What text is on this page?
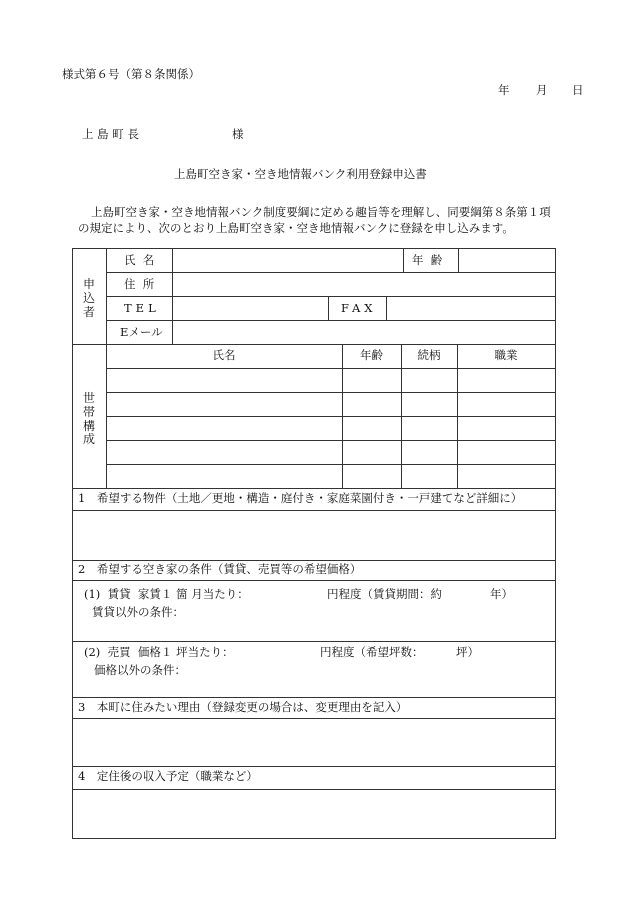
様式第６号（第８条関係）
年 月 日
上 島 町 長	様
上島町空き家・空き地情報バンク利用登録申込書
上島町空き家・空き地情報バンク制度要綱に定める趣旨等を理解し、同要綱第８条第１項
の規定により、次のとおり上島町空き家・空き地情報バンクに登録を申し込みます。
申
込
者
氏  名	年  齢
住  所
TEL	FAX
Eメール
世
帯
構
成
氏名	年齢	続柄	職業
1　希望する物件（土地／更地・構造・庭付き・家庭菜園付き・一戸建てなど詳細に）
2　希望する空き家の条件（賃貸、売買等の希望価格）
(1)  賃貸  家賃１ 箇 月当たり：	円程度（賃貸期間：約	年）
賃貸以外の条件：
(2)  売買  価格１ 坪当たり：	円程度（希望坪数：	坪）
価格以外の条件：
3　本町に住みたい理由（登録変更の場合は、変更理由を記入）
4　定住後の収入予定（職業など）
